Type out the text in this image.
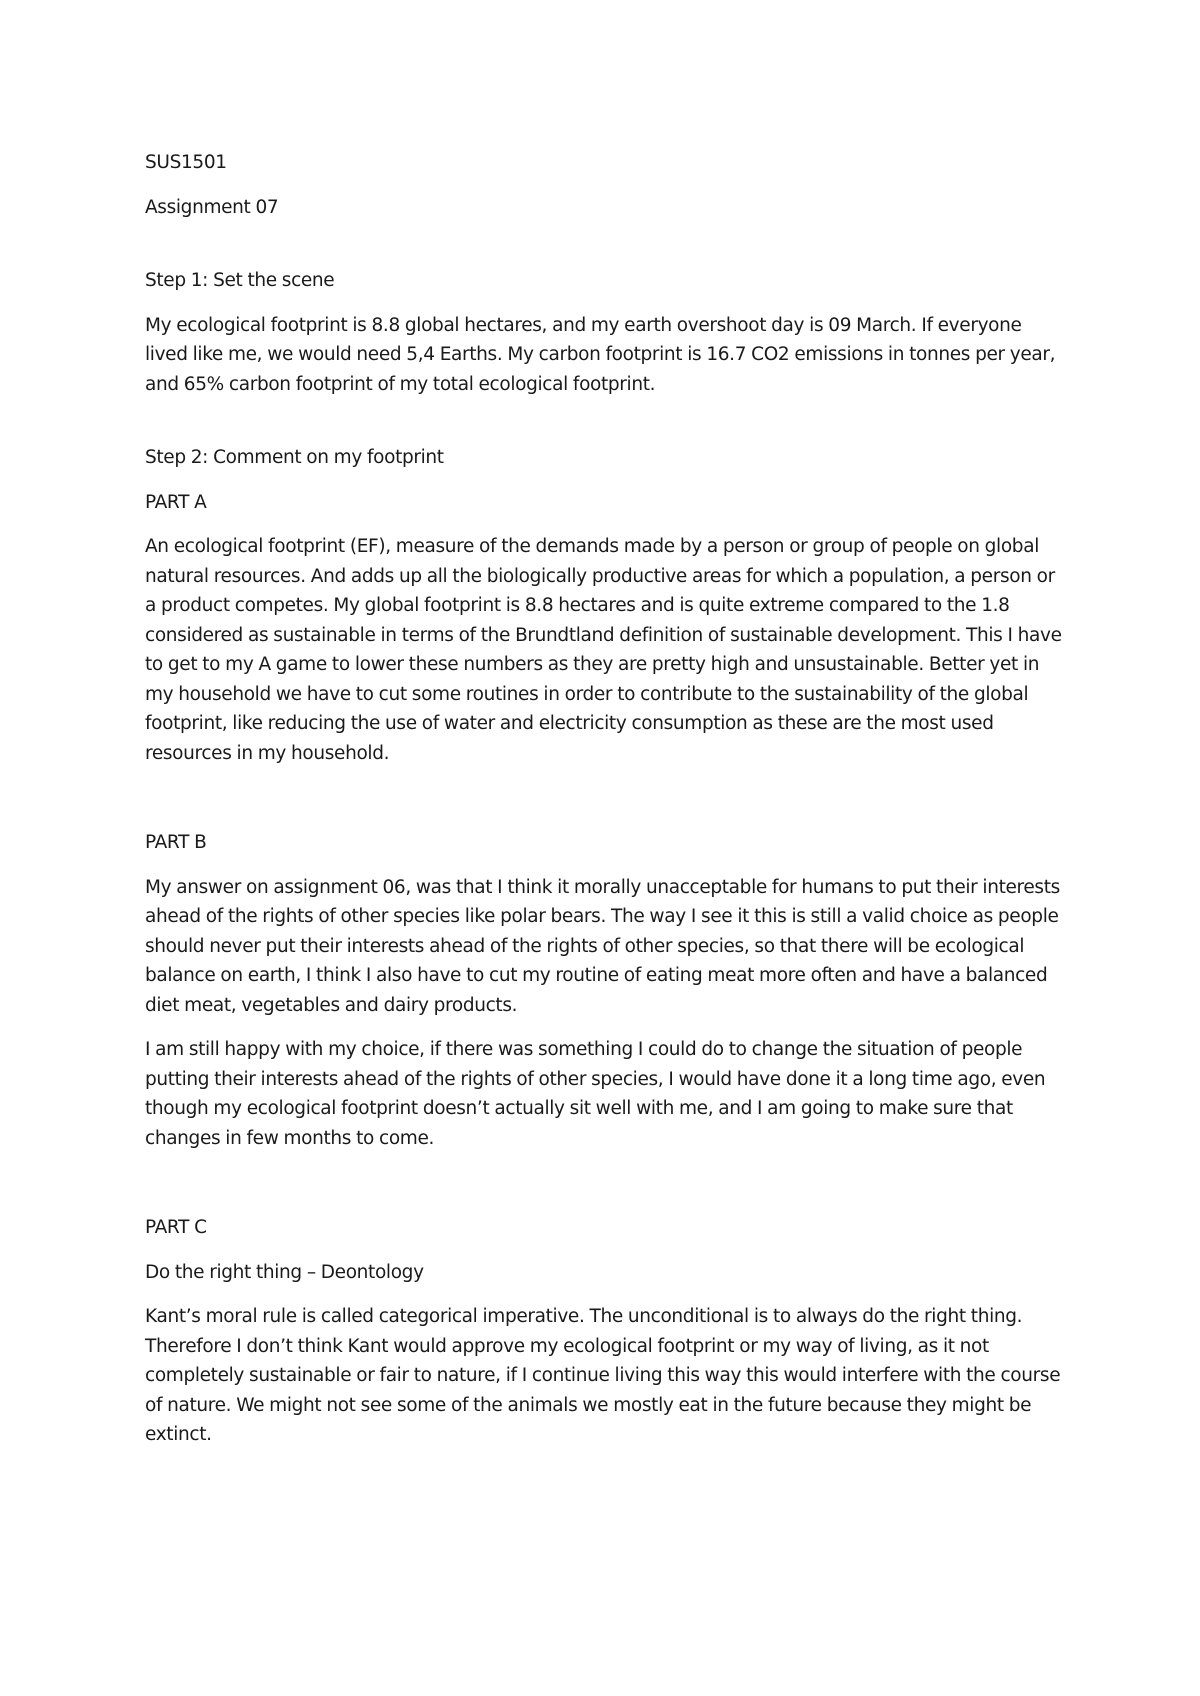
SUS1501

Assignment 07

Step 1: Set the scene

My ecological footprint is 8.8 global hectares, and my earth overshoot day is 09 March. If everyone lived like me, we would need 5,4 Earths. My carbon footprint is 16.7 CO2 emissions in tonnes per year, and 65% carbon footprint of my total ecological footprint.

Step 2: Comment on my footprint

PART A

An ecological footprint (EF), measure of the demands made by a person or group of people on global natural resources. And adds up all the biologically productive areas for which a population, a person or a product competes. My global footprint is 8.8 hectares and is quite extreme compared to the 1.8 considered as sustainable in terms of the Brundtland definition of sustainable development. This I have to get to my A game to lower these numbers as they are pretty high and unsustainable. Better yet in my household we have to cut some routines in order to contribute to the sustainability of the global footprint, like reducing the use of water and electricity consumption as these are the most used resources in my household.

PART B

My answer on assignment 06, was that I think it morally unacceptable for humans to put their interests ahead of the rights of other species like polar bears. The way I see it this is still a valid choice as people should never put their interests ahead of the rights of other species, so that there will be ecological balance on earth, I think I also have to cut my routine of eating meat more often and have a balanced diet meat, vegetables and dairy products.

I am still happy with my choice, if there was something I could do to change the situation of people putting their interests ahead of the rights of other species, I would have done it a long time ago, even though my ecological footprint doesn’t actually sit well with me, and I am going to make sure that changes in few months to come.

PART C

Do the right thing – Deontology

Kant’s moral rule is called categorical imperative. The unconditional is to always do the right thing. Therefore I don’t think Kant would approve my ecological footprint or my way of living, as it not completely sustainable or fair to nature, if I continue living this way this would interfere with the course of nature. We might not see some of the animals we mostly eat in the future because they might be extinct.
